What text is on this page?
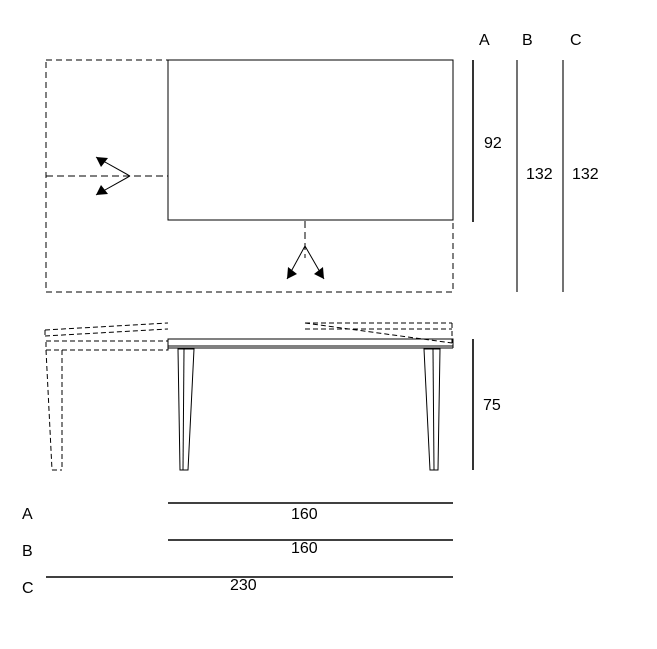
A B C
92
132 132
75
A	160
B	160
C	230
